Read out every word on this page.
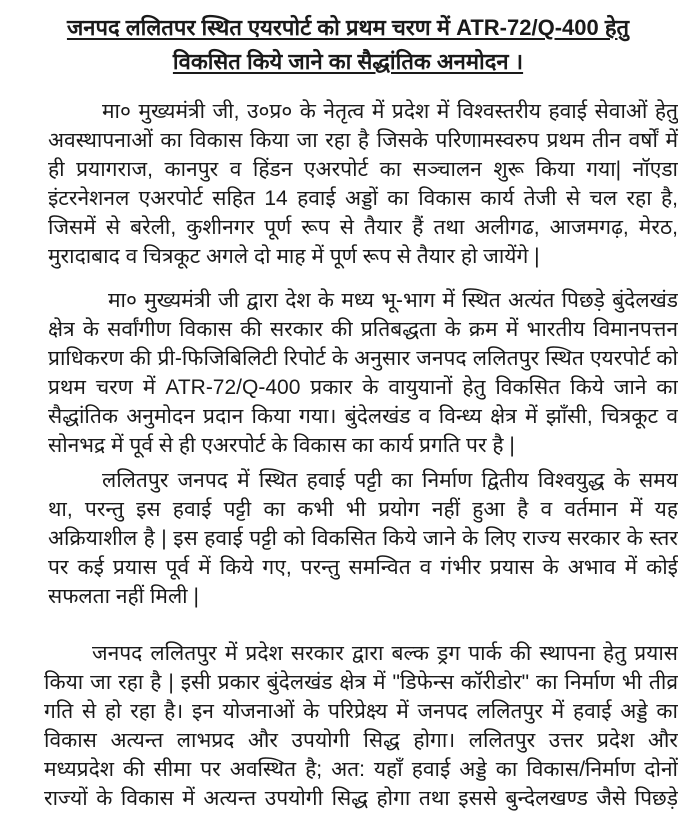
जनपद ललितपर स्थित एयरपोर्ट को प्रथम चरण में ATR-72/Q-400 हेतु
विकसित किये जाने का सैद्धांतिक अनमोदन ।
मा० मुख्यमंत्री जी, उ०प्र० के नेतृत्व में प्रदेश में विश्वस्तरीय हवाई सेवाओं हेतु
अवस्थापनाओं का विकास किया जा रहा है जिसके परिणामस्वरुप प्रथम तीन वर्षों में
ही प्रयागराज, कानपुर व हिंडन एअरपोर्ट का सञ्चालन शुरू किया गया| नॉएडा
इंटरनेशनल एअरपोर्ट सहित 14 हवाई अड्डों का विकास कार्य तेजी से चल रहा है,
जिसमें से बरेली, कुशीनगर पूर्ण रूप से तैयार हैं तथा अलीगढ, आजमगढ़, मेरठ,
मुरादाबाद व चित्रकूट अगले दो माह में पूर्ण रूप से तैयार हो जायेंगे |
मा० मुख्यमंत्री जी द्वारा देश के मध्य भू-भाग में स्थित अत्यंत पिछड़े बुंदेलखंड
क्षेत्र के सर्वांगीण विकास की सरकार की प्रतिबद्धता के क्रम में भारतीय विमानपत्तन
प्राधिकरण की प्री-फिजिबिलिटी रिपोर्ट के अनुसार जनपद ललितपुर स्थित एयरपोर्ट को
प्रथम चरण में ATR-72/Q-400 प्रकार के वायुयानों हेतु विकसित किये जाने का
सैद्धांतिक अनुमोदन प्रदान किया गया। बुंदेलखंड व विन्ध्य क्षेत्र में झाँसी, चित्रकूट व
सोनभद्र में पूर्व से ही एअरपोर्ट के विकास का कार्य प्रगति पर है |
ललितपुर जनपद में स्थित हवाई पट्टी का निर्माण द्वितीय विश्वयुद्ध के समय
था, परन्तु इस हवाई पट्टी का कभी भी प्रयोग नहीं हुआ है व वर्तमान में यह
अक्रियाशील है | इस हवाई पट्टी को विकसित किये जाने के लिए राज्य सरकार के स्तर
पर कई प्रयास पूर्व में किये गए, परन्तु समन्वित व गंभीर प्रयास के अभाव में कोई
सफलता नहीं मिली |
जनपद ललितपुर में प्रदेश सरकार द्वारा बल्क ड्रग पार्क की स्थापना हेतु प्रयास
किया जा रहा है | इसी प्रकार बुंदेलखंड क्षेत्र में "डिफेन्स कॉरीडोर" का निर्माण भी तीव्र
गति से हो रहा है। इन योजनाओं के परिप्रेक्ष्य में जनपद ललितपुर में हवाई अड्डे का
विकास अत्यन्त लाभप्रद और उपयोगी सिद्ध होगा। ललितपुर उत्तर प्रदेश और
मध्यप्रदेश की सीमा पर अवस्थित है; अत: यहाँ हवाई अड्डे का विकास/निर्माण दोनों
राज्यों के विकास में अत्यन्त उपयोगी सिद्ध होगा तथा इससे बुन्देलखण्ड जैसे पिछड़े
